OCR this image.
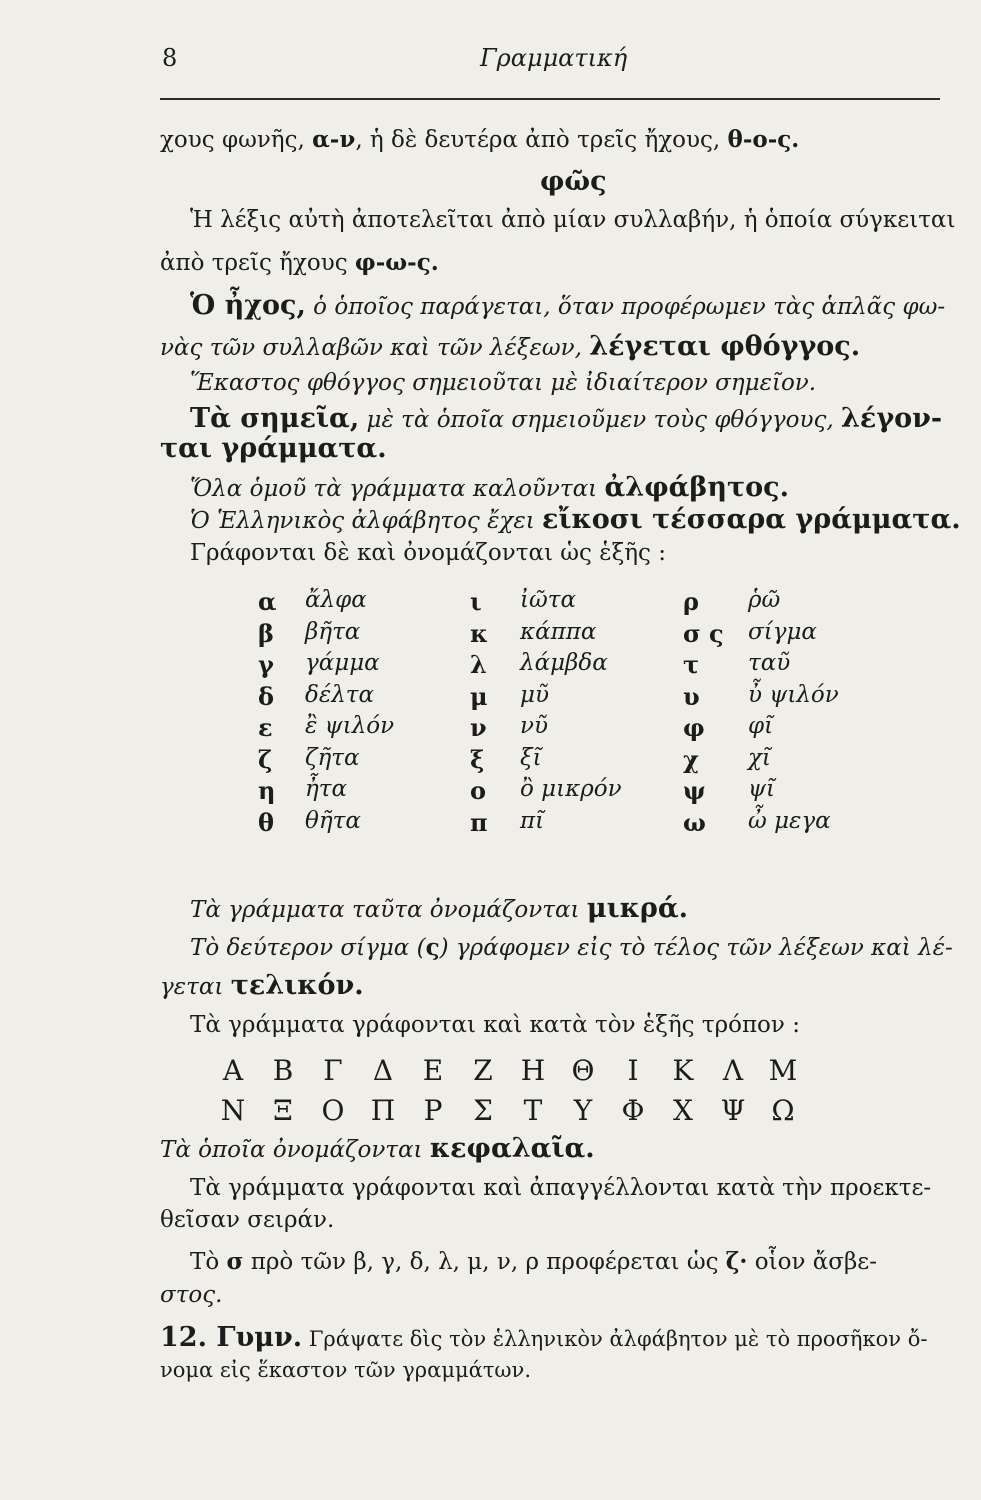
8	Γραμματική
χους φωνῆς, α-ν, ἡ δὲ δευτέρα ἀπὸ τρεῖς ἤχους, θ-ο-ς.
φῶς
Ἡ λέξις αὐτὴ ἀποτελεῖται ἀπὸ μίαν συλλαβήν, ἡ ὁποία σύγκειται
ἀπὸ τρεῖς ἤχους φ-ω-ς.
Ὁ ἦχος, ὁ ὁποῖος παράγεται, ὅταν προφέρωμεν τὰς ἁπλᾶς φω-
νὰς τῶν συλλαβῶν καὶ τῶν λέξεων, λέγεται φθόγγος.
Ἕκαστος φθόγγος σημειοῦται μὲ ἰδιαίτερον σημεῖον.
Τὰ σημεῖα, μὲ τὰ ὁποῖα σημειοῦμεν τοὺς φθόγγους, λέγον-
ται γράμματα.
Ὅλα ὁμοῦ τὰ γράμματα καλοῦνται ἀλφάβητος.
Ὁ Ἑλληνικὸς ἀλφάβητος ἔχει εἴκοσι τέσσαρα γράμματα.
Γράφονται δὲ καὶ ὀνομάζονται ὡς ἑξῆς :
α ἄλφα	ι ἰῶτα	ρ ῥῶ
β βῆτα	κ κάππα	σ ς σίγμα
γ γάμμα	λ λάμβδα	τ ταῦ
δ δέλτα	μ μῦ	υ ὖ ψιλόν
ε ἒ ψιλόν	ν νῦ	φ φῖ
ζ ζῆτα	ξ ξῖ	χ χῖ
η ἦτα	ο ὂ μικρόν	ψ ψῖ
θ θῆτα	π πῖ	ω ὦ μεγα
Τὰ γράμματα ταῦτα ὀνομάζονται μικρά.
Τὸ δεύτερον σίγμα (ς) γράφομεν εἰς τὸ τέλος τῶν λέξεων καὶ λέ-
γεται τελικόν.
Τὰ γράμματα γράφονται καὶ κατὰ τὸν ἑξῆς τρόπον :
Α Β Γ Δ Ε Ζ Η Θ Ι Κ Λ Μ
Ν Ξ Ο Π Ρ Σ Τ Υ Φ Χ Ψ Ω
Τὰ ὁποῖα ὀνομάζονται κεφαλαῖα.
Τὰ γράμματα γράφονται καὶ ἀπαγγέλλονται κατὰ τὴν προεκτε-
θεῖσαν σειράν.
Τὸ σ πρὸ τῶν β, γ, δ, λ, μ, ν, ρ προφέρεται ὡς ζ· οἷον ἄσβε-
στος.
12. Γυμν. Γράψατε δὶς τὸν ἑλληνικὸν ἀλφάβητον μὲ τὸ προσῆκον ὄ-
νομα εἰς ἕκαστον τῶν γραμμάτων.
